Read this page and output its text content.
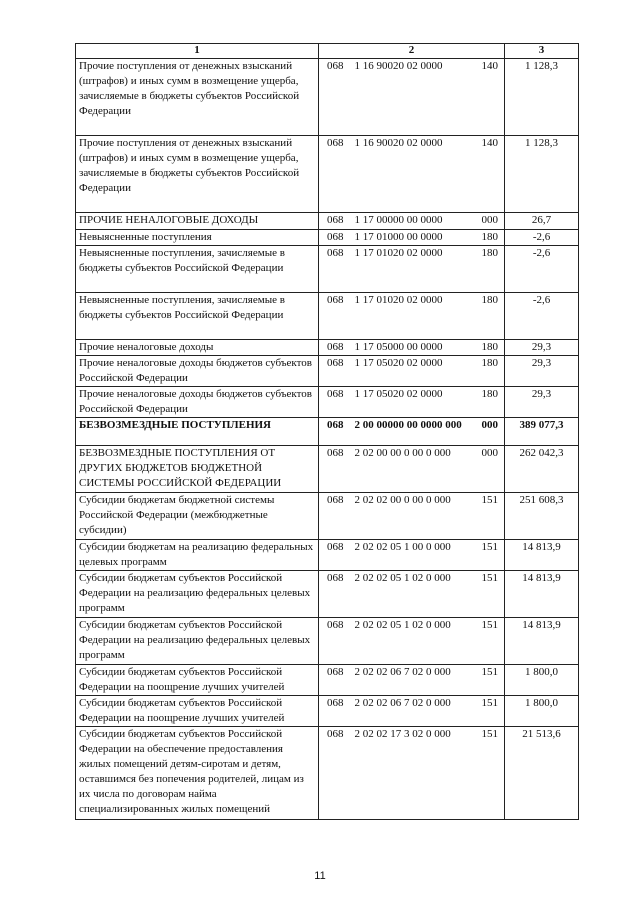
1	2			3
Прочие поступления от денежных взысканий (штрафов) и иных сумм в возмещение ущерба, зачисляемые в бюджеты субъектов Российской Федерации	068	1 16 90020 02 0000	140	1 128,3
Прочие поступления от денежных взысканий (штрафов) и иных сумм в возмещение ущерба, зачисляемые в бюджеты субъектов Российской Федерации	068	1 16 90020 02 0000	140	1 128,3
ПРОЧИЕ НЕНАЛОГОВЫЕ ДОХОДЫ	068	1 17 00000 00 0000	000	26,7
Невыясненные поступления	068	1 17 01000 00 0000	180	-2,6
Невыясненные поступления, зачисляемые в бюджеты субъектов Российской Федерации	068	1 17 01020 02 0000	180	-2,6
Невыясненные поступления, зачисляемые в бюджеты субъектов Российской Федерации	068	1 17 01020 02 0000	180	-2,6
Прочие неналоговые доходы	068	1 17 05000 00 0000	180	29,3
Прочие неналоговые доходы бюджетов субъектов Российской Федерации	068	1 17 05020 02 0000	180	29,3
Прочие неналоговые доходы бюджетов субъектов Российской Федерации	068	1 17 05020 02 0000	180	29,3
БЕЗВОЗМЕЗДНЫЕ ПОСТУПЛЕНИЯ	068	2 00 00000 00 0000 000	000	389 077,3
БЕЗВОЗМЕЗДНЫЕ ПОСТУПЛЕНИЯ ОТ ДРУГИХ БЮДЖЕТОВ БЮДЖЕТНОЙ СИСТЕМЫ РОССИЙСКОЙ ФЕДЕРАЦИИ	068	2 02 00 00 0 00 0 000	000	262 042,3
Субсидии бюджетам бюджетной системы Российской Федерации (межбюджетные субсидии)	068	2 02 02 00 0 00 0 000	151	251 608,3
Субсидии бюджетам на реализацию федеральных целевых программ	068	2 02 02 05 1 00 0 000	151	14 813,9
Субсидии бюджетам субъектов Российской Федерации на реализацию федеральных целевых программ	068	2 02 02 05 1 02 0 000	151	14 813,9
Субсидии бюджетам субъектов Российской Федерации на реализацию федеральных целевых программ	068	2 02 02 05 1 02 0 000	151	14 813,9
Субсидии бюджетам субъектов Российской Федерации на поощрение лучших учителей	068	2 02 02 06 7 02 0 000	151	1 800,0
Субсидии бюджетам субъектов Российской Федерации на поощрение лучших учителей	068	2 02 02 06 7 02 0 000	151	1 800,0
Субсидии бюджетам субъектов Российской Федерации на обеспечение предоставления жилых помещений детям-сиротам и детям, оставшимся без попечения родителей, лицам из их числа по договорам найма специализированных жилых помещений	068	2 02 02 17 3 02 0 000	151	21 513,6
11
